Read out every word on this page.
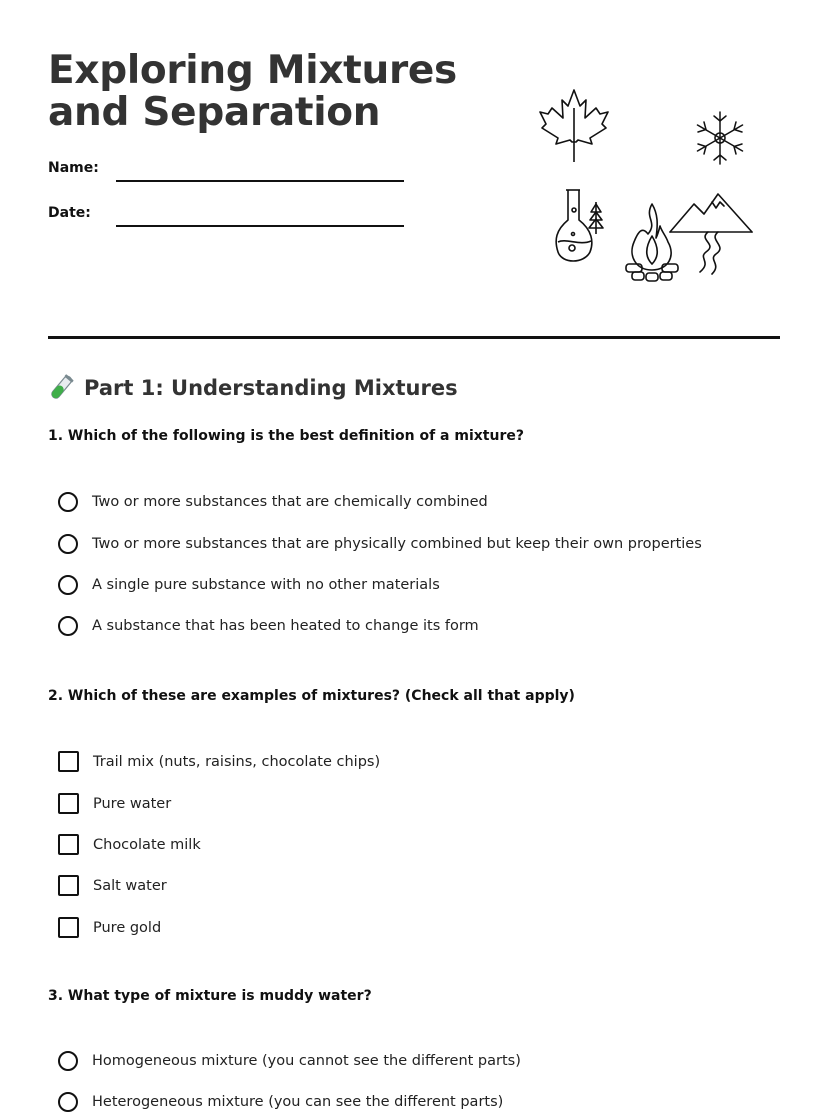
Exploring Mixtures and Separation
Name:
Date:
Part 1: Understanding Mixtures
1. Which of the following is the best definition of a mixture?
Two or more substances that are chemically combined
Two or more substances that are physically combined but keep their own properties
A single pure substance with no other materials
A substance that has been heated to change its form
2. Which of these are examples of mixtures? (Check all that apply)
Trail mix (nuts, raisins, chocolate chips)
Pure water
Chocolate milk
Salt water
Pure gold
3. What type of mixture is muddy water?
Homogeneous mixture (you cannot see the different parts)
Heterogeneous mixture (you can see the different parts)
